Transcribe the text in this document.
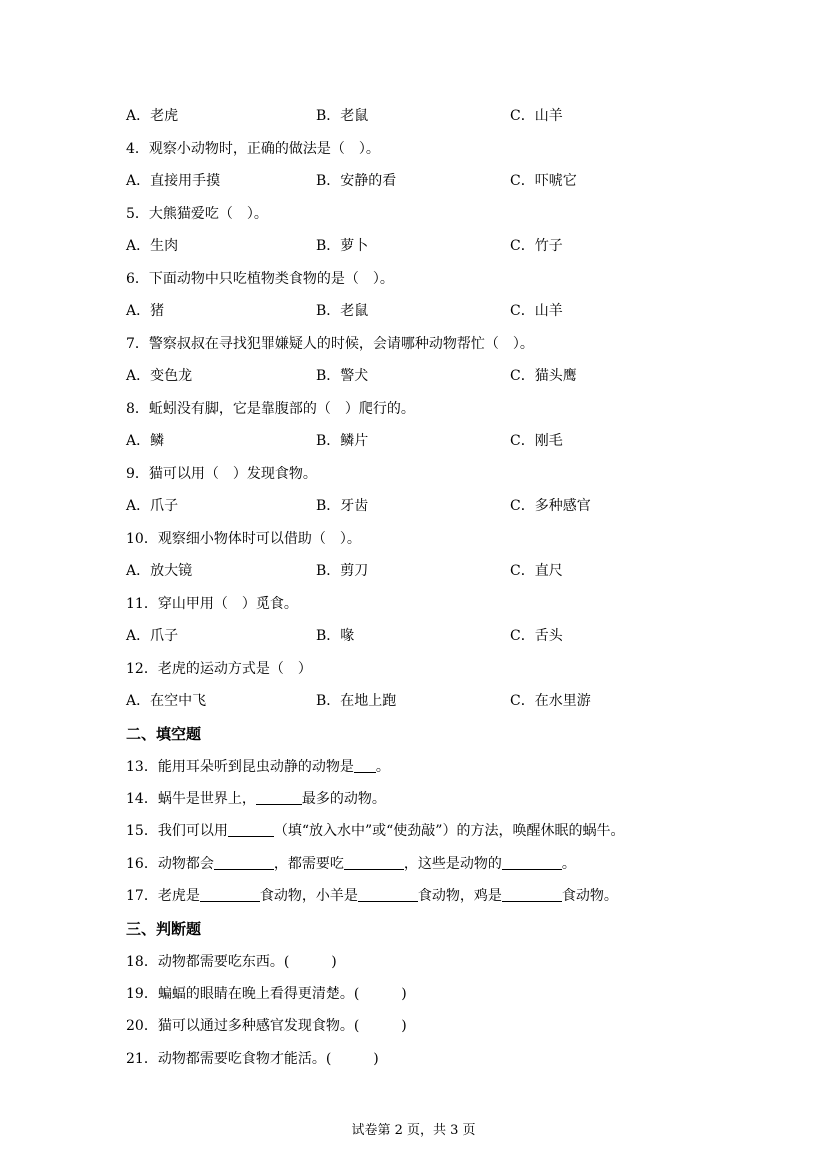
A．老虎	B．老鼠	C．山羊
4．观察小动物时，正确的做法是（　）。
A．直接用手摸	B．安静的看	C．吓唬它
5．大熊猫爱吃（　）。
A．生肉	B．萝卜	C．竹子
6．下面动物中只吃植物类食物的是（　）。
A．猪	B．老鼠	C．山羊
7．警察叔叔在寻找犯罪嫌疑人的时候，会请哪种动物帮忙（　）。
A．变色龙	B．警犬	C．猫头鹰
8．蚯蚓没有脚，它是靠腹部的（　）爬行的。
A．鳞	B．鳞片	C．刚毛
9．猫可以用（　）发现食物。
A．爪子	B．牙齿	C．多种感官
10．观察细小物体时可以借助（　）。
A．放大镜	B．剪刀	C．直尺
11．穿山甲用（　）觅食。
A．爪子	B．喙	C．舌头
12．老虎的运动方式是（　）
A．在空中飞	B．在地上跑	C．在水里游
二、填空题
13．能用耳朵听到昆虫动静的动物是 。
14．蜗牛是世界上，	最多的动物。
15．我们可以用	（填“放入水中”或“使劲敲”）的方法，唤醒休眠的蜗牛。
16．动物都会	，都需要吃	，这些是动物的	。
17．老虎是	食动物，小羊是	食动物，鸡是	食动物。
三、判断题
18．动物都需要吃东西。(　　　)
19．蝙蝠的眼睛在晚上看得更清楚。(　　　)
20．猫可以通过多种感官发现食物。(　　　)
21．动物都需要吃食物才能活。(　　　)
试卷第 2 页，共 3 页
